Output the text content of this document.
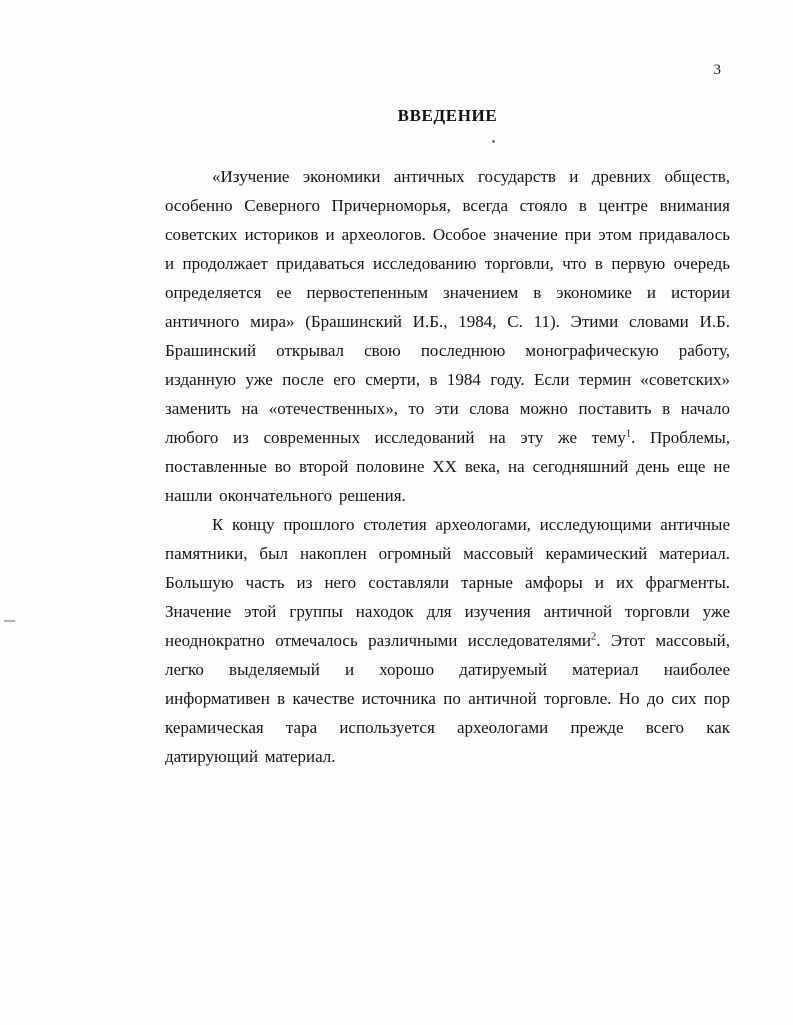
3
ВВЕДЕНИЕ

«Изучение экономики античных государств и древних обществ, особенно Северного Причерноморья, всегда стояло в центре внимания советских историков и археологов. Особое значение при этом придавалось и продолжает придаваться исследованию торговли, что в первую очередь определяется ее первостепенным значением в экономике и истории античного мира» (Брашинский И.Б., 1984, С. 11). Этими словами И.Б. Брашинский открывал свою последнюю монографическую работу, изданную уже после его смерти, в 1984 году. Если термин «советских» заменить на «отечественных», то эти слова можно поставить в начало любого из современных исследований на эту же тему$^1$. Проблемы, поставленные во второй половине XX века, на сегодняшний день еще не нашли окончательного решения.

К концу прошлого столетия археологами, исследующими античные памятники, был накоплен огромный массовый керамический материал. Большую часть из него составляли тарные амфоры и их фрагменты. Значение этой группы находок для изучения античной торговли уже неоднократно отмечалось различными исследователями$^2$. Этот массовый, легко выделяемый и хорошо датируемый материал наиболее информативен в качестве источника по античной торговле. Но до сих пор керамическая тара используется археологами прежде всего как датирующий материал.
